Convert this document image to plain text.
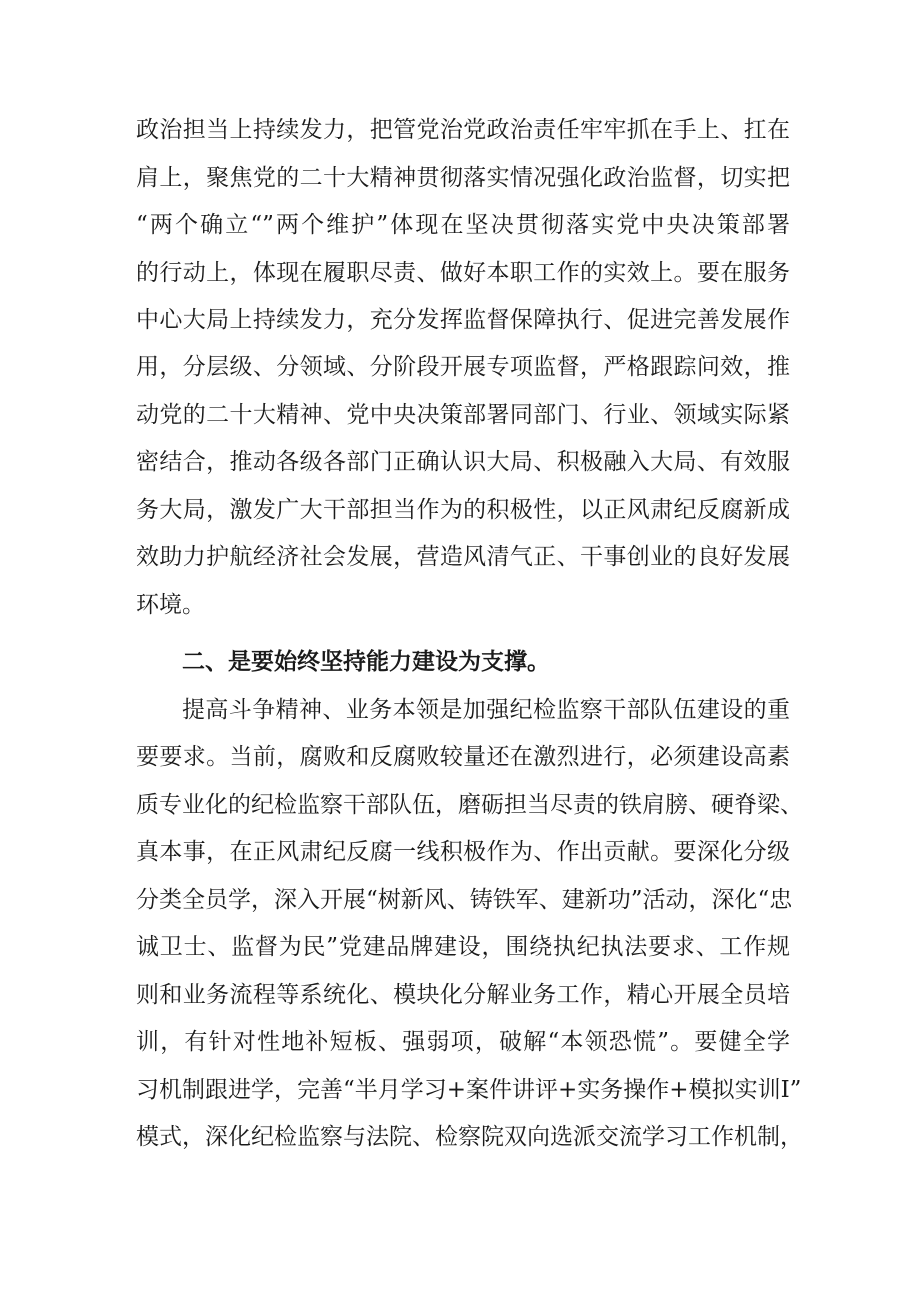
政治担当上持续发力，把管党治党政治责任牢牢抓在手上、扛在
肩上，聚焦党的二十大精神贯彻落实情况强化政治监督，切实把
“两个确立“”两个维护”体现在坚决贯彻落实党中央决策部署
的行动上，体现在履职尽责、做好本职工作的实效上。要在服务
中心大局上持续发力，充分发挥监督保障执行、促进完善发展作
用，分层级、分领域、分阶段开展专项监督，严格跟踪问效，推
动党的二十大精神、党中央决策部署同部门、行业、领域实际紧
密结合，推动各级各部门正确认识大局、积极融入大局、有效服
务大局，激发广大干部担当作为的积极性，以正风肃纪反腐新成
效助力护航经济社会发展，营造风清气正、干事创业的良好发展
环境。
二、是要始终坚持能力建设为支撑。
提高斗争精神、业务本领是加强纪检监察干部队伍建设的重
要要求。当前，腐败和反腐败较量还在激烈进行，必须建设高素
质专业化的纪检监察干部队伍，磨砺担当尽责的铁肩膀、硬脊梁、
真本事，在正风肃纪反腐一线积极作为、作出贡献。要深化分级
分类全员学，深入开展“树新风、铸铁军、建新功”活动，深化“忠
诚卫士、监督为民”党建品牌建设，围绕执纪执法要求、工作规
则和业务流程等系统化、模块化分解业务工作，精心开展全员培
训，有针对性地补短板、强弱项，破解“本领恐慌”。要健全学
习机制跟进学，完善“半月学习+案件讲评+实务操作+模拟实训I”
模式，深化纪检监察与法院、检察院双向选派交流学习工作机制，
